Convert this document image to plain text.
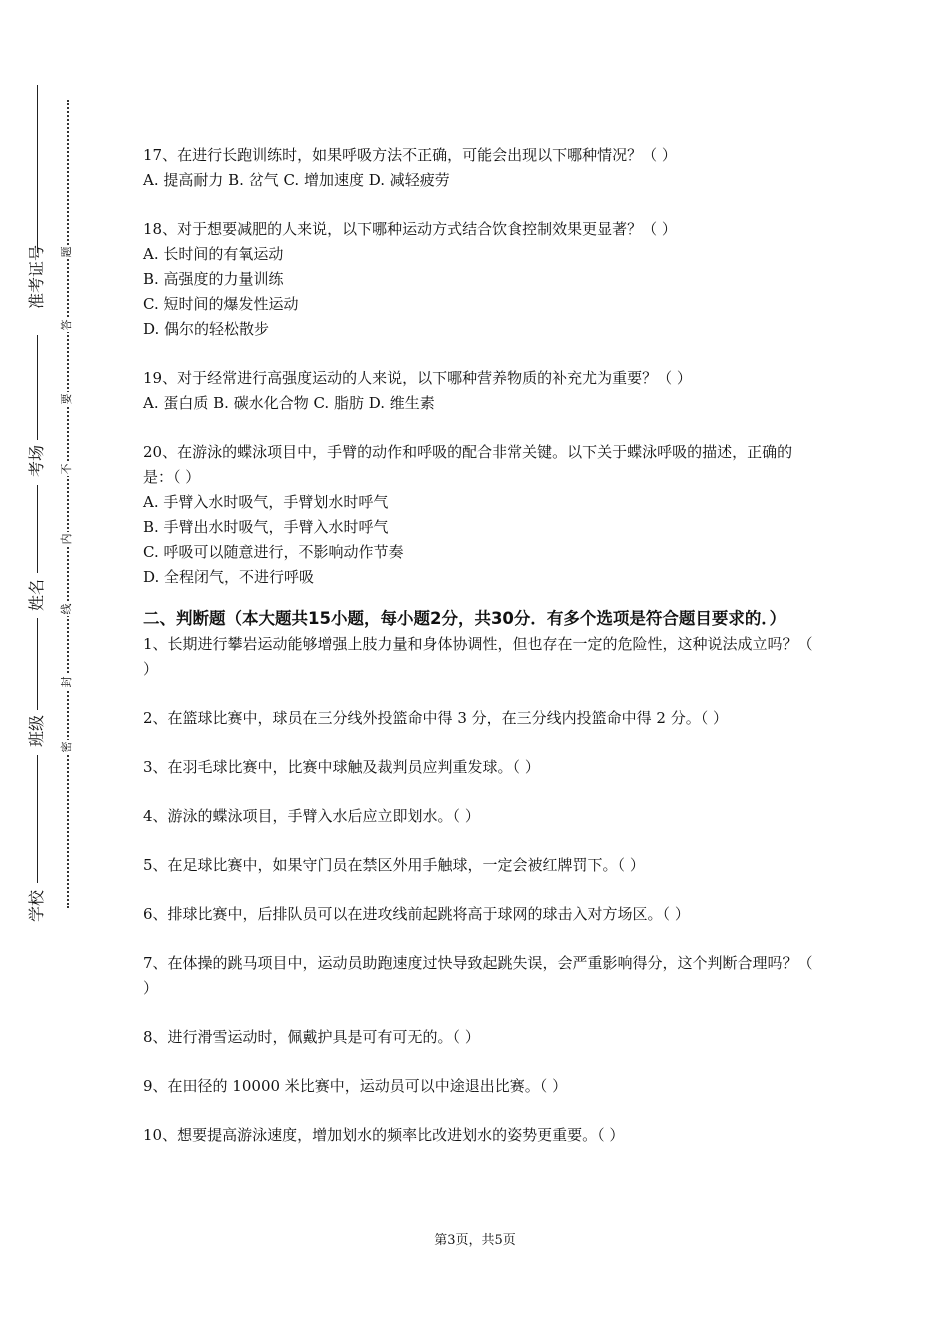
准考证号
考场
姓名
班级
学校
密
封
线
内
不
要
答
题

17、在进行长跑训练时，如果呼吸方法不正确，可能会出现以下哪种情况？（ ）

A. 提高耐力 B. 岔气 C. 增加速度 D. 减轻疲劳

18、对于想要减肥的人来说，以下哪种运动方式结合饮食控制效果更显著？（ ）

A. 长时间的有氧运动

B. 高强度的力量训练

C. 短时间的爆发性运动

D. 偶尔的轻松散步

19、对于经常进行高强度运动的人来说，以下哪种营养物质的补充尤为重要？（ ）

A. 蛋白质 B. 碳水化合物 C. 脂肪 D. 维生素

20、在游泳的蝶泳项目中，手臂的动作和呼吸的配合非常关键。以下关于蝶泳呼吸的描述，正确的是：（ ）

A. 手臂入水时吸气，手臂划水时呼气

B. 手臂出水时吸气，手臂入水时呼气

C. 呼吸可以随意进行，不影响动作节奏

D. 全程闭气，不进行呼吸

二、判断题（本大题共15小题，每小题2分，共30分．有多个选项是符合题目要求的．）

1、长期进行攀岩运动能够增强上肢力量和身体协调性，但也存在一定的危险性，这种说法成立吗？（ ）

2、在篮球比赛中，球员在三分线外投篮命中得 3 分，在三分线内投篮命中得 2 分。（ ）

3、在羽毛球比赛中，比赛中球触及裁判员应判重发球。（ ）

4、游泳的蝶泳项目，手臂入水后应立即划水。（ ）

5、在足球比赛中，如果守门员在禁区外用手触球，一定会被红牌罚下。（ ）

6、排球比赛中，后排队员可以在进攻线前起跳将高于球网的球击入对方场区。（ ）

7、在体操的跳马项目中，运动员助跑速度过快导致起跳失误，会严重影响得分，这个判断合理吗？（ ）

8、进行滑雪运动时，佩戴护具是可有可无的。（ ）

9、在田径的 10000 米比赛中，运动员可以中途退出比赛。（ ）

10、想要提高游泳速度，增加划水的频率比改进划水的姿势更重要。（ ）

第3页，共5页
